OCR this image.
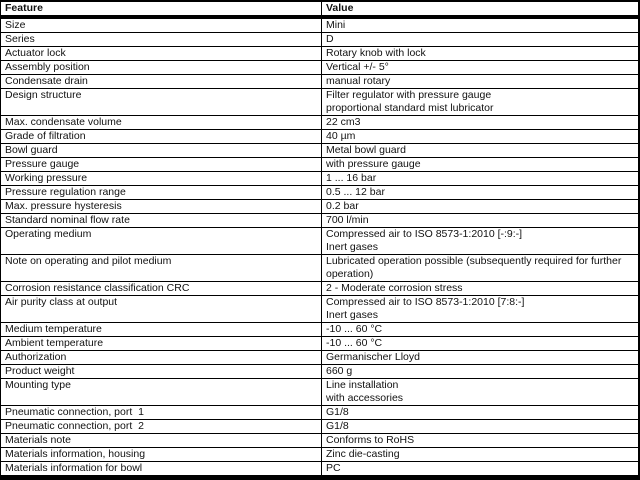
Feature	Value
Size	Mini
Series	D
Actuator lock	Rotary knob with lock
Assembly position	Vertical +/- 5°
Condensate drain	manual rotary
Design structure	Filter regulator with pressure gauge
proportional standard mist lubricator
Max. condensate volume	22 cm3
Grade of filtration	40 µm
Bowl guard	Metal bowl guard
Pressure gauge	with pressure gauge
Working pressure	1 ... 16 bar
Pressure regulation range	0.5 ... 12 bar
Max. pressure hysteresis	0.2 bar
Standard nominal flow rate	700 l/min
Operating medium	Compressed air to ISO 8573-1:2010 [-:9:-]
Inert gases
Note on operating and pilot medium	Lubricated operation possible (subsequently required for further
operation)
Corrosion resistance classification CRC	2 - Moderate corrosion stress
Air purity class at output	Compressed air to ISO 8573-1:2010 [7:8:-]
Inert gases
Medium temperature	-10 ... 60 °C
Ambient temperature	-10 ... 60 °C
Authorization	Germanischer Lloyd
Product weight	660 g
Mounting type	Line installation
with accessories
Pneumatic connection, port  1	G1/8
Pneumatic connection, port  2	G1/8
Materials note	Conforms to RoHS
Materials information, housing	Zinc die-casting
Materials information for bowl	PC
